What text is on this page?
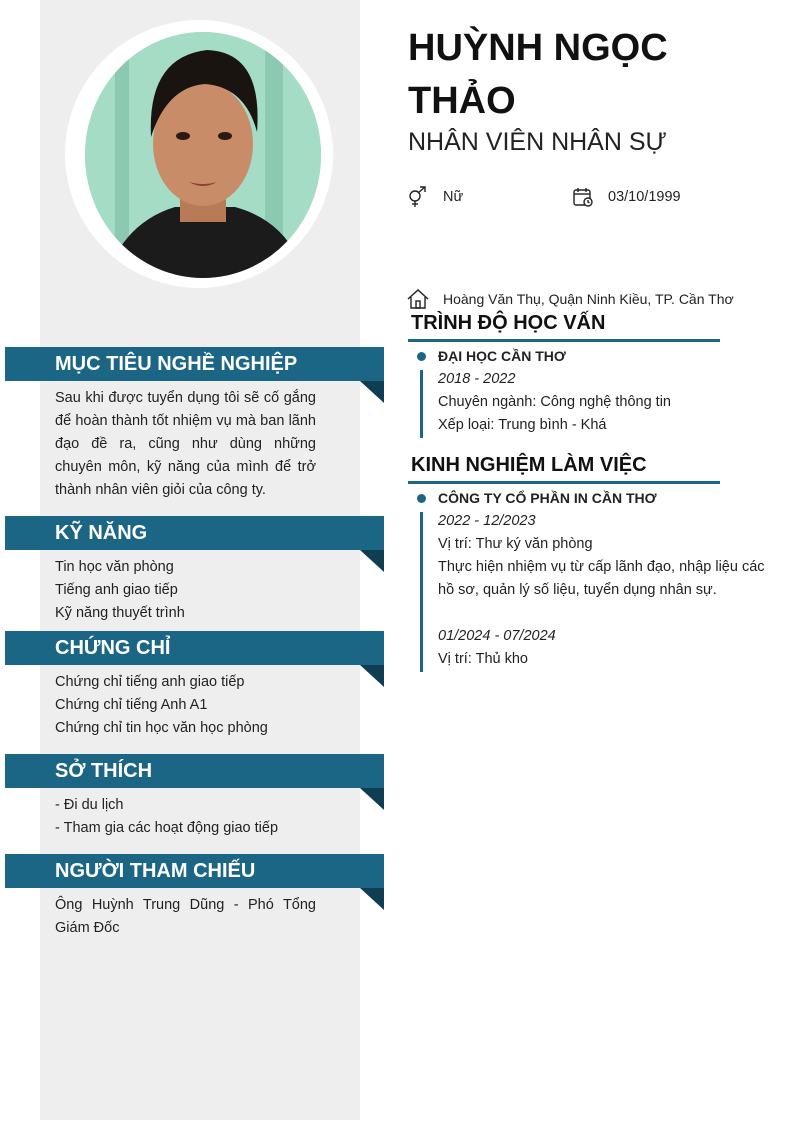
HUỲNH NGỌC THẢO
NHÂN VIÊN NHÂN SỰ
Nữ	03/10/1999
Hoàng Văn Thụ, Quận Ninh Kiều, TP. Cần Thơ
MỤC TIÊU NGHỀ NGHIỆP
Sau khi được tuyển dụng tôi sẽ cố gắng để hoàn thành tốt nhiệm vụ mà ban lãnh đạo đề ra, cũng như dùng những chuyên môn, kỹ năng của mình để trở thành nhân viên giỏi của công ty.
KỸ NĂNG
Tin học văn phòng
Tiếng anh giao tiếp
Kỹ năng thuyết trình
CHỨNG CHỈ
Chứng chỉ tiếng anh giao tiếp
Chứng chỉ tiếng Anh A1
Chứng chỉ tin học văn học phòng
SỞ THÍCH
- Đi du lịch
- Tham gia các hoạt động giao tiếp
NGƯỜI THAM CHIẾU
Ông Huỳnh Trung Dũng - Phó Tổng Giám Đốc
TRÌNH ĐỘ HỌC VẤN
ĐẠI HỌC CẦN THƠ
2018 - 2022
Chuyên ngành: Công nghệ thông tin
Xếp loại: Trung bình - Khá
KINH NGHIỆM LÀM VIỆC
CÔNG TY CỔ PHẦN IN CẦN THƠ
2022 - 12/2023
Vị trí: Thư ký văn phòng
Thực hiện nhiệm vụ từ cấp lãnh đạo, nhập liệu các hồ sơ, quản lý số liệu, tuyển dụng nhân sự.
01/2024 - 07/2024
Vị trí: Thủ kho
